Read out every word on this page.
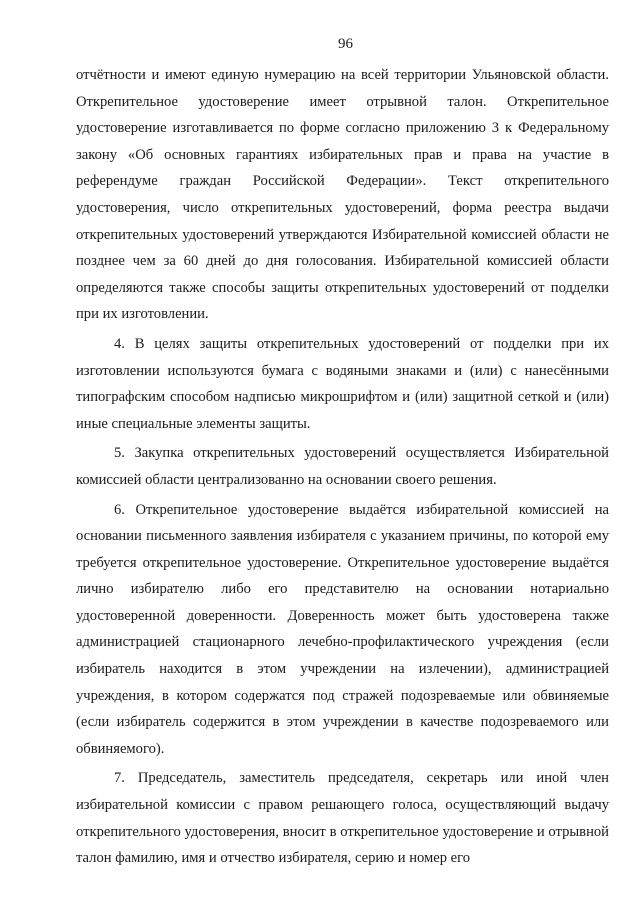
96

отчётности и имеют единую нумерацию на всей территории Ульяновской области. Открепительное удостоверение имеет отрывной талон. Открепительное удостоверение изготавливается по форме согласно приложению 3 к Федеральному закону «Об основных гарантиях избирательных прав и права на участие в референдуме граждан Российской Федерации». Текст открепительного удостоверения, число открепительных удостоверений, форма реестра выдачи открепительных удостоверений утверждаются Избирательной комиссией области не позднее чем за 60 дней до дня голосования. Избирательной комиссией области определяются также способы защиты открепительных удостоверений от подделки при их изготовлении.

4. В целях защиты открепительных удостоверений от подделки при их изготовлении используются бумага с водяными знаками и (или) с нанесёнными типографским способом надписью микрошрифтом и (или) защитной сеткой и (или) иные специальные элементы защиты.

5. Закупка открепительных удостоверений осуществляется Избирательной комиссией области централизованно на основании своего решения.

6. Открепительное удостоверение выдаётся избирательной комиссией на основании письменного заявления избирателя с указанием причины, по которой ему требуется открепительное удостоверение. Открепительное удостоверение выдаётся лично избирателю либо его представителю на основании нотариально удостоверенной доверенности. Доверенность может быть удостоверена также администрацией стационарного лечебно-профилактического учреждения (если избиратель находится в этом учреждении на излечении), администрацией учреждения, в котором содержатся под стражей подозреваемые или обвиняемые (если избиратель содержится в этом учреждении в качестве подозреваемого или обвиняемого).

7. Председатель, заместитель председателя, секретарь или иной член избирательной комиссии с правом решающего голоса, осуществляющий выдачу открепительного удостоверения, вносит в открепительное удостоверение и отрывной талон фамилию, имя и отчество избирателя, серию и номер его
